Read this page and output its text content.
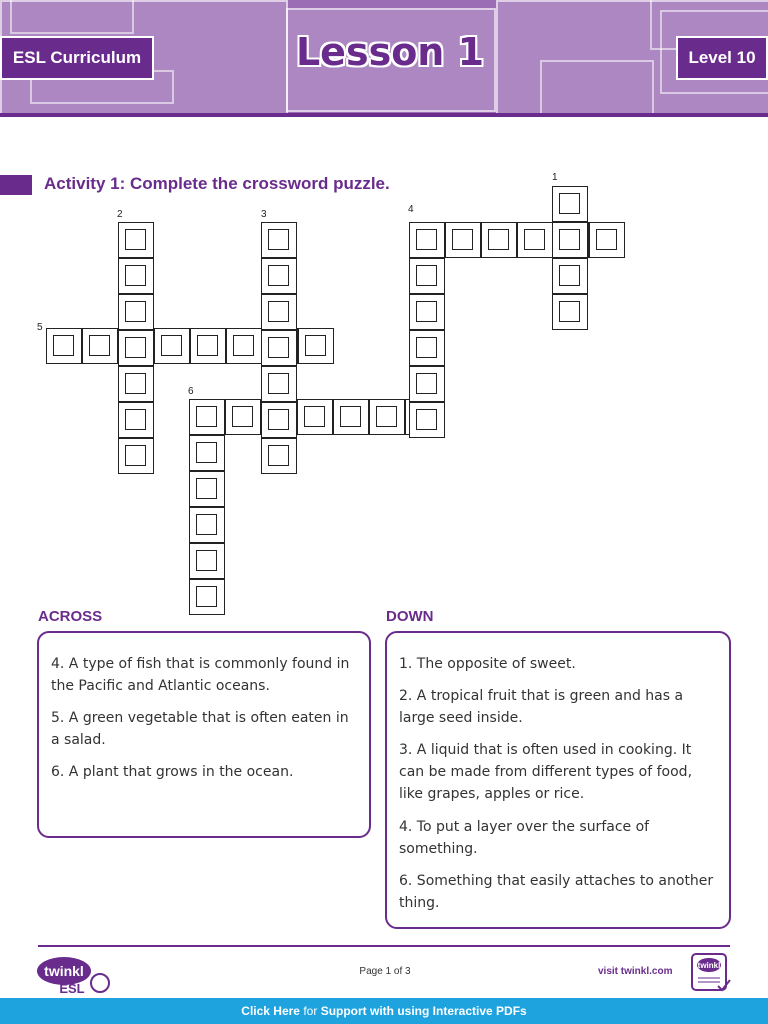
ESL Curriculum	Lesson 1	Level 10
Activity 1: Complete the crossword puzzle.	1
2	3	4
5
6
ACROSS	DOWN
4. A type of fish that is commonly found in the Pacific and Atlantic oceans.
5. A green vegetable that is often eaten in a salad.
6. A plant that grows in the ocean.
1. The opposite of sweet.
2. A tropical fruit that is green and has a large seed inside.
3. A liquid that is often used in cooking. It can be made from different types of food, like grapes, apples or rice.
4. To put a layer over the surface of something.
6. Something that easily attaches to another thing.
twinkl
ESL
Page 1 of 3	visit twinkl.com
twinkl
Click Here
for
Support with using Interactive PDFs
